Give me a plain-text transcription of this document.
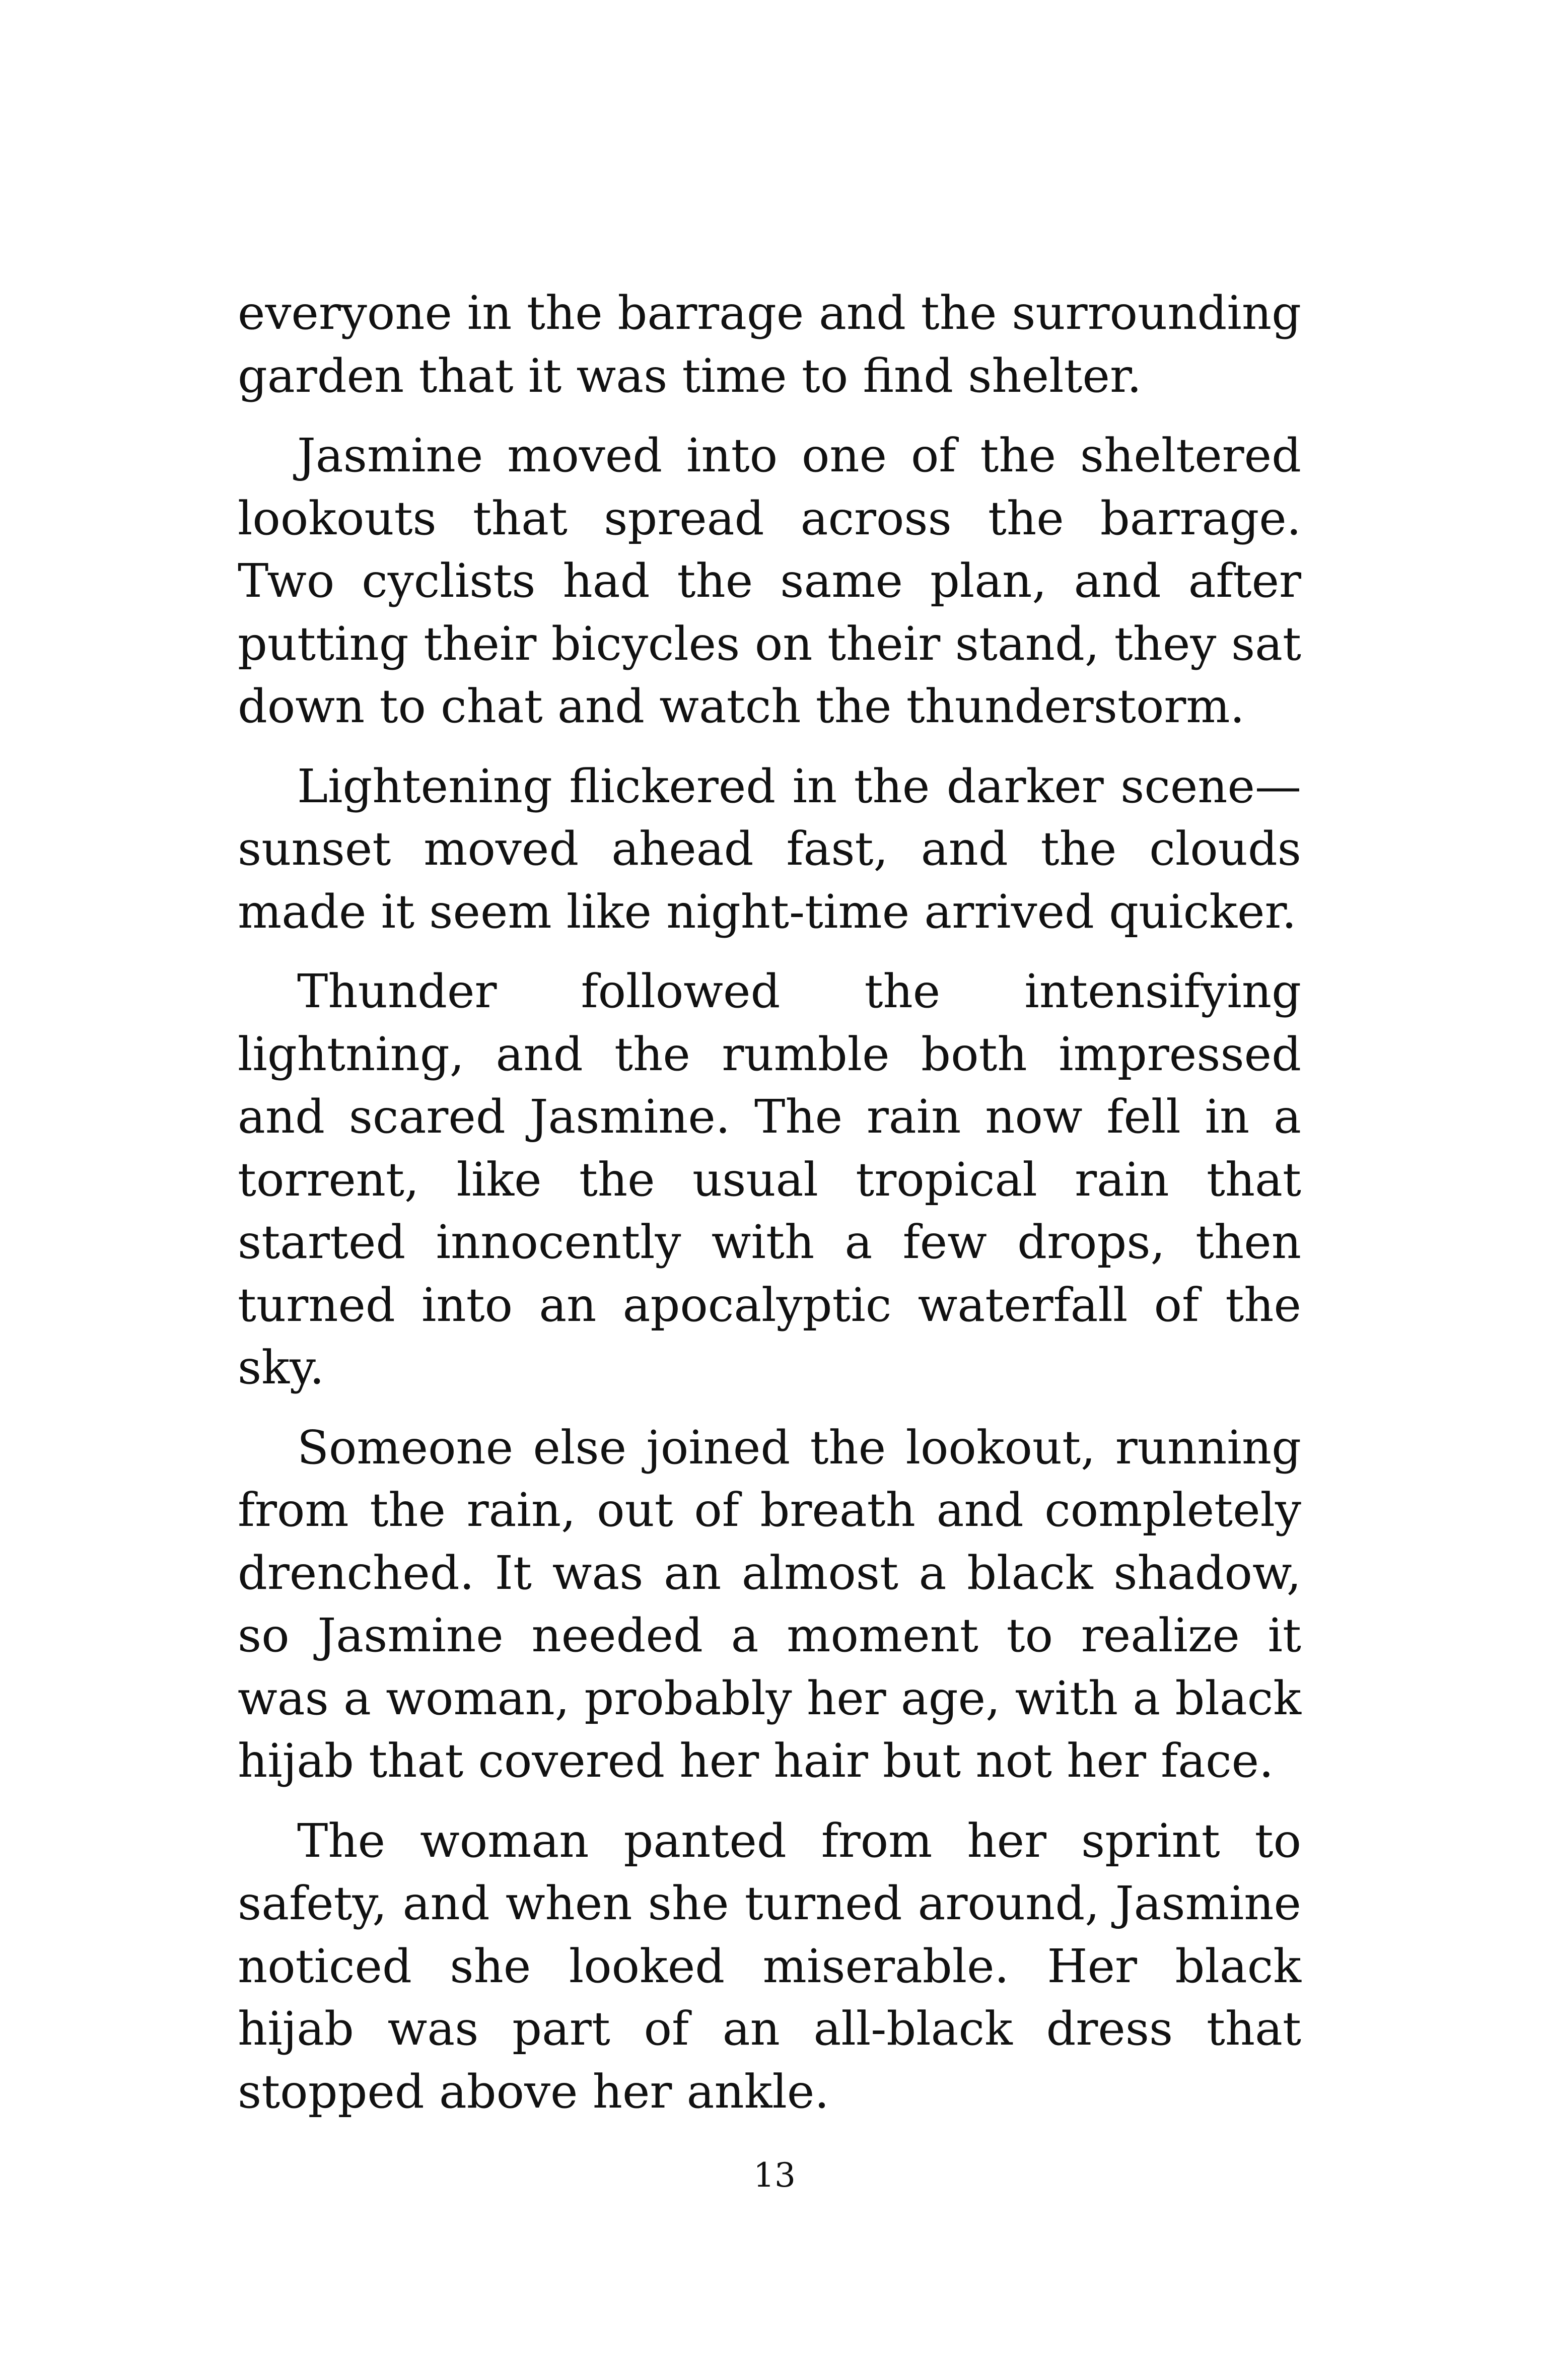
everyone in the barrage and the surrounding garden that it was time to find shelter.

Jasmine moved into one of the sheltered lookouts that spread across the barrage. Two cyclists had the same plan, and after putting their bicycles on their stand, they sat down to chat and watch the thunderstorm.

Lightening flickered in the darker scene—sunset moved ahead fast, and the clouds made it seem like night-time arrived quicker.

Thunder followed the intensifying lightning, and the rumble both impressed and scared Jasmine. The rain now fell in a torrent, like the usual tropical rain that started innocently with a few drops, then turned into an apocalyptic waterfall of the sky.

Someone else joined the lookout, running from the rain, out of breath and completely drenched. It was an almost a black shadow, so Jasmine needed a moment to realize it was a woman, probably her age, with a black hijab that covered her hair but not her face.

The woman panted from her sprint to safety, and when she turned around, Jasmine noticed she looked miserable. Her black hijab was part of an all-black dress that stopped above her ankle.

13
